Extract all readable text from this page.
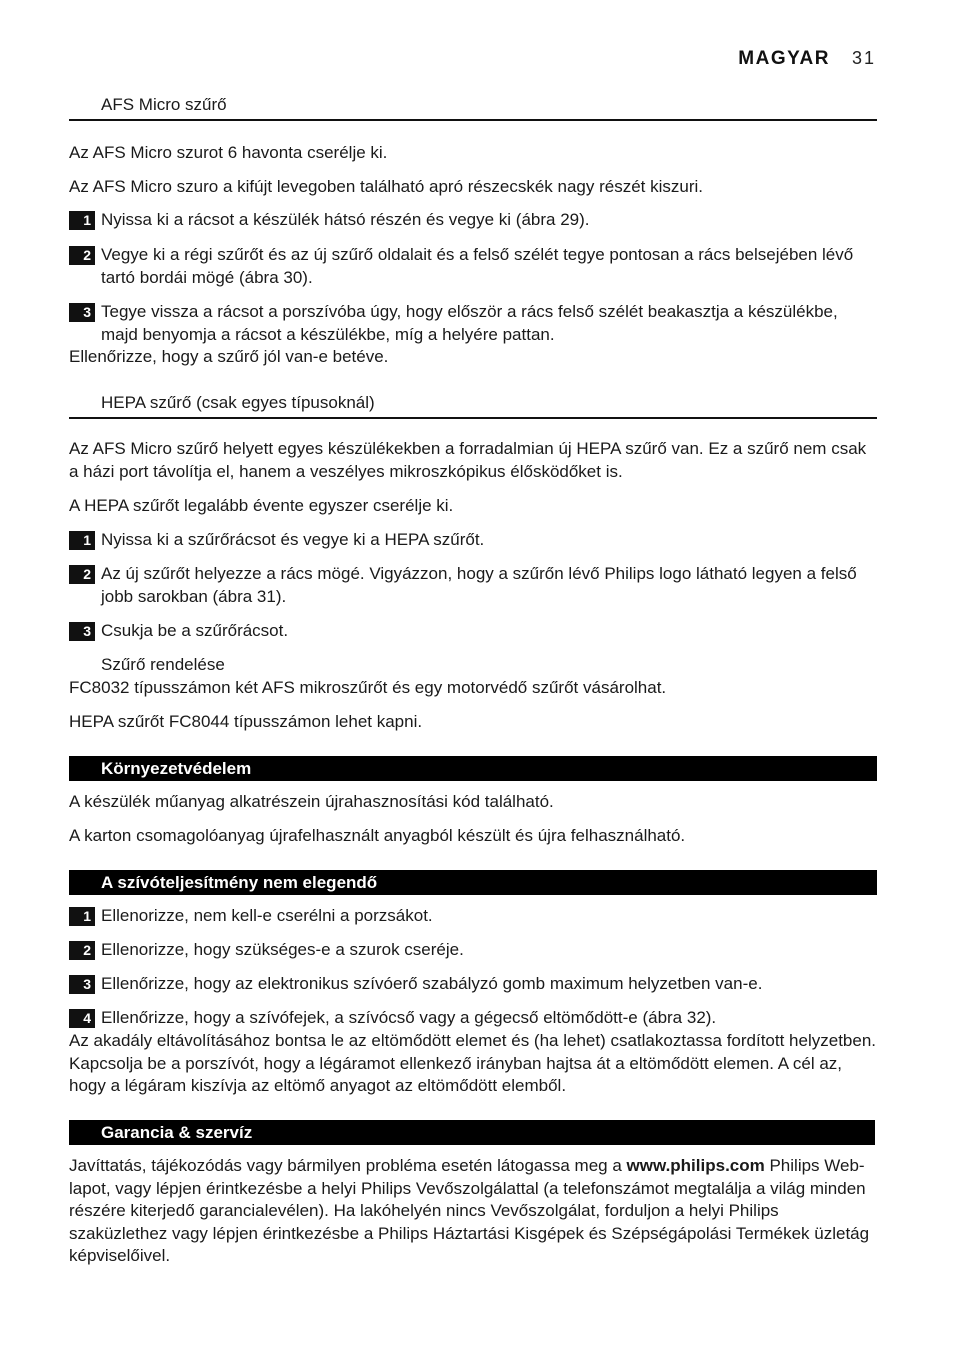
MAGYAR 31
AFS Micro szűrő
Az AFS Micro szurot 6 havonta cserélje ki.
Az AFS Micro szuro a kifújt levegoben található apró részecskék nagy részét kiszuri.
1 Nyissa ki a rácsot a készülék hátsó részén és vegye ki (ábra 29).
2 Vegye ki a régi szűrőt és az új szűrő oldalait és a felső szélét tegye pontosan a rács belsejében lévő tartó bordái mögé (ábra 30).
3 Tegye vissza a rácsot a porszívóba úgy, hogy először a rács felső szélét beakasztja a készülékbe, majd benyomja a rácsot a készülékbe, míg a helyére pattan.
Ellenőrizze, hogy a szűrő jól van-e betéve.
HEPA szűrő (csak egyes típusoknál)
Az AFS Micro szűrő helyett egyes készülékekben a forradalmian új HEPA szűrő van. Ez a szűrő nem csak a házi port távolítja el, hanem a veszélyes mikroszkópikus élősködőket is.
A HEPA szűrőt legalább évente egyszer cserélje ki.
1 Nyissa ki a szűrőrácsot és vegye ki a HEPA szűrőt.
2 Az új szűrőt helyezze a rács mögé. Vigyázzon, hogy a szűrőn lévő Philips logo látható legyen a felső jobb sarokban (ábra 31).
3 Csukja be a szűrőrácsot.
Szűrő rendelése
FC8032 típusszámon két AFS mikroszűrőt és egy motorvédő szűrőt vásárolhat.
HEPA szűrőt FC8044 típusszámon lehet kapni.
Környezetvédelem
A készülék műanyag alkatrészein újrahasznosítási kód található.
A karton csomagolóanyag újrafelhasznált anyagból készült és újra felhasználható.
A szívóteljesítmény nem elegendő
1 Ellenorizze, nem kell-e cserélni a porzsákot.
2 Ellenorizze, hogy szükséges-e a szurok cseréje.
3 Ellenőrizze, hogy az elektronikus szívóerő szabályzó gomb maximum helyzetben van-e.
4 Ellenőrizze, hogy a szívófejek, a szívócső vagy a gégecső eltömődött-e (ábra 32).
Az akadály eltávolításához bontsa le az eltömődött elemet és (ha lehet) csatlakoztassa fordított helyzetben. Kapcsolja be a porszívót, hogy a légáramot ellenkező irányban hajtsa át a eltömődött elemen. A cél az, hogy a légáram kiszívja az eltömő anyagot az eltömődött elemből.
Garancia & szervíz
Javíttatás, tájékozódás vagy bármilyen probléma esetén látogassa meg a www.philips.com Philips Web-lapot, vagy lépjen érintkezésbe a helyi Philips Vevőszolgálattal (a telefonszámot megtalálja a világ minden részére kiterjedő garancialevélen). Ha lakóhelyén nincs Vevőszolgálat, forduljon a helyi Philips szaküzlethez vagy lépjen érintkezésbe a Philips Háztartási Kisgépek és Szépségápolási Termékek üzletág képviselőivel.
